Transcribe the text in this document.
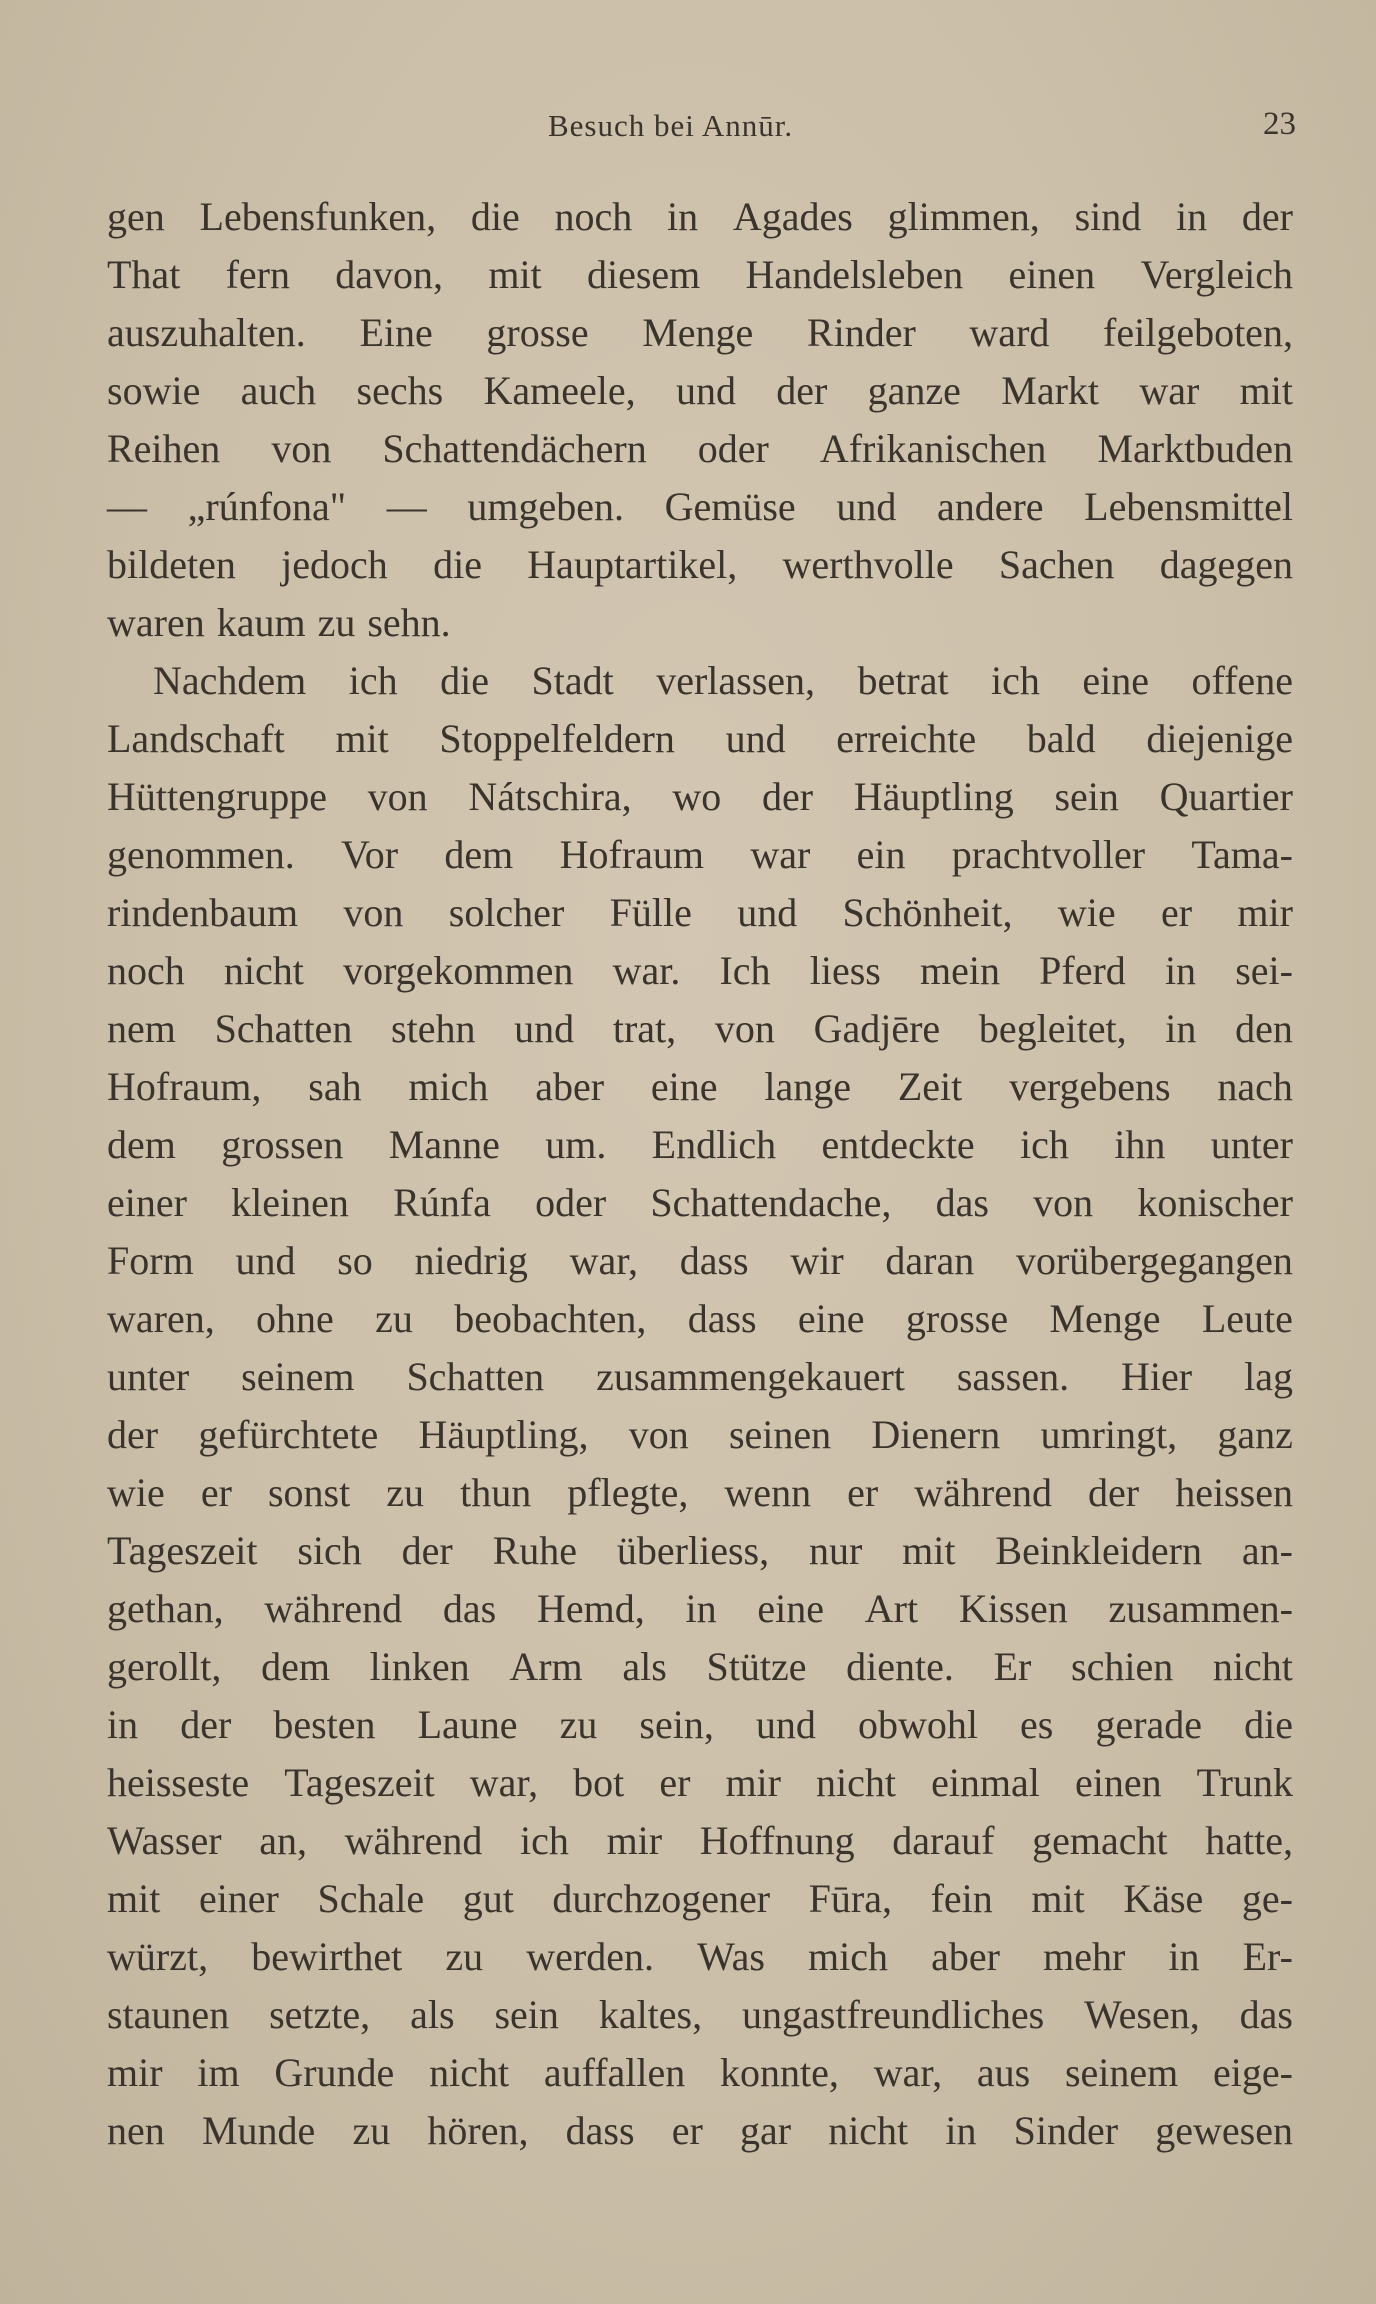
Besuch bei Annūr.	23
gen Lebensfunken, die noch in Agades glimmen, sind in der
That fern davon, mit diesem Handelsleben einen Vergleich
auszuhalten. Eine grosse Menge Rinder ward feilgeboten,
sowie auch sechs Kameele, und der ganze Markt war mit
Reihen von Schattendächern oder Afrikanischen Marktbuden
— „rúnfona" — umgeben. Gemüse und andere Lebensmittel
bildeten jedoch die Hauptartikel, werthvolle Sachen dagegen
waren kaum zu sehn.
Nachdem ich die Stadt verlassen, betrat ich eine offene
Landschaft mit Stoppelfeldern und erreichte bald diejenige
Hüttengruppe von Nátschira, wo der Häuptling sein Quartier
genommen. Vor dem Hofraum war ein prachtvoller Tama-
rindenbaum von solcher Fülle und Schönheit, wie er mir
noch nicht vorgekommen war. Ich liess mein Pferd in sei-
nem Schatten stehn und trat, von Gadjēre begleitet, in den
Hofraum, sah mich aber eine lange Zeit vergebens nach
dem grossen Manne um. Endlich entdeckte ich ihn unter
einer kleinen Rúnfa oder Schattendache, das von konischer
Form und so niedrig war, dass wir daran vorübergegangen
waren, ohne zu beobachten, dass eine grosse Menge Leute
unter seinem Schatten zusammengekauert sassen. Hier lag
der gefürchtete Häuptling, von seinen Dienern umringt, ganz
wie er sonst zu thun pflegte, wenn er während der heissen
Tageszeit sich der Ruhe überliess, nur mit Beinkleidern an-
gethan, während das Hemd, in eine Art Kissen zusammen-
gerollt, dem linken Arm als Stütze diente. Er schien nicht
in der besten Laune zu sein, und obwohl es gerade die
heisseste Tageszeit war, bot er mir nicht einmal einen Trunk
Wasser an, während ich mir Hoffnung darauf gemacht hatte,
mit einer Schale gut durchzogener Fūra, fein mit Käse ge-
würzt, bewirthet zu werden. Was mich aber mehr in Er-
staunen setzte, als sein kaltes, ungastfreundliches Wesen, das
mir im Grunde nicht auffallen konnte, war, aus seinem eige-
nen Munde zu hören, dass er gar nicht in Sinder gewesen
